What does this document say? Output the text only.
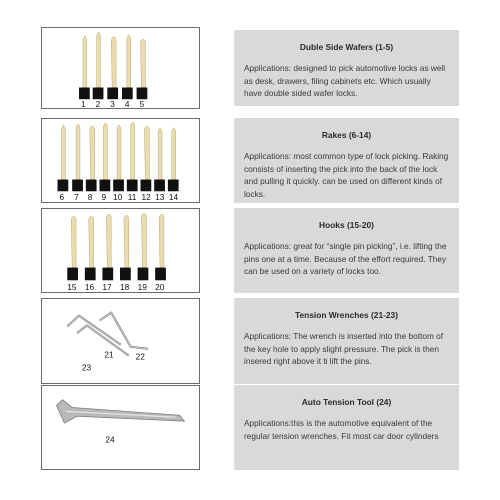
1 2 3 4 5
Duble Side Wafers (1-5)
Applications: designed to pick automotive locks as well as desk, drawers, filing cabinets etc. Which usually have double sided wafer locks.
6 7 8 9 10 11 12 13 14
Rakes (6-14)
Applications: most common type of lock picking. Raking consists of inserting the pick into the back of the lock and pulling it quickly. can be used on different kinds of locks.
15 16 17 18 19 20
Hooks (15-20)
Applications: great for “single pin picking”, i.e. lifting the pins one at a time. Because of the effort required. They can be used on a variety of locks too.
21	22
23
Tension Wrenches (21-23)
Applications: The wrench is inserted into the bottom of the key hole to apply slight pressure. The pick is then insered right above it ti lift the pins.
24
Auto Tension Tool (24)
Applications:this is the automotive equivalent of the regular tension wrenches. Fit most car door cylinders
